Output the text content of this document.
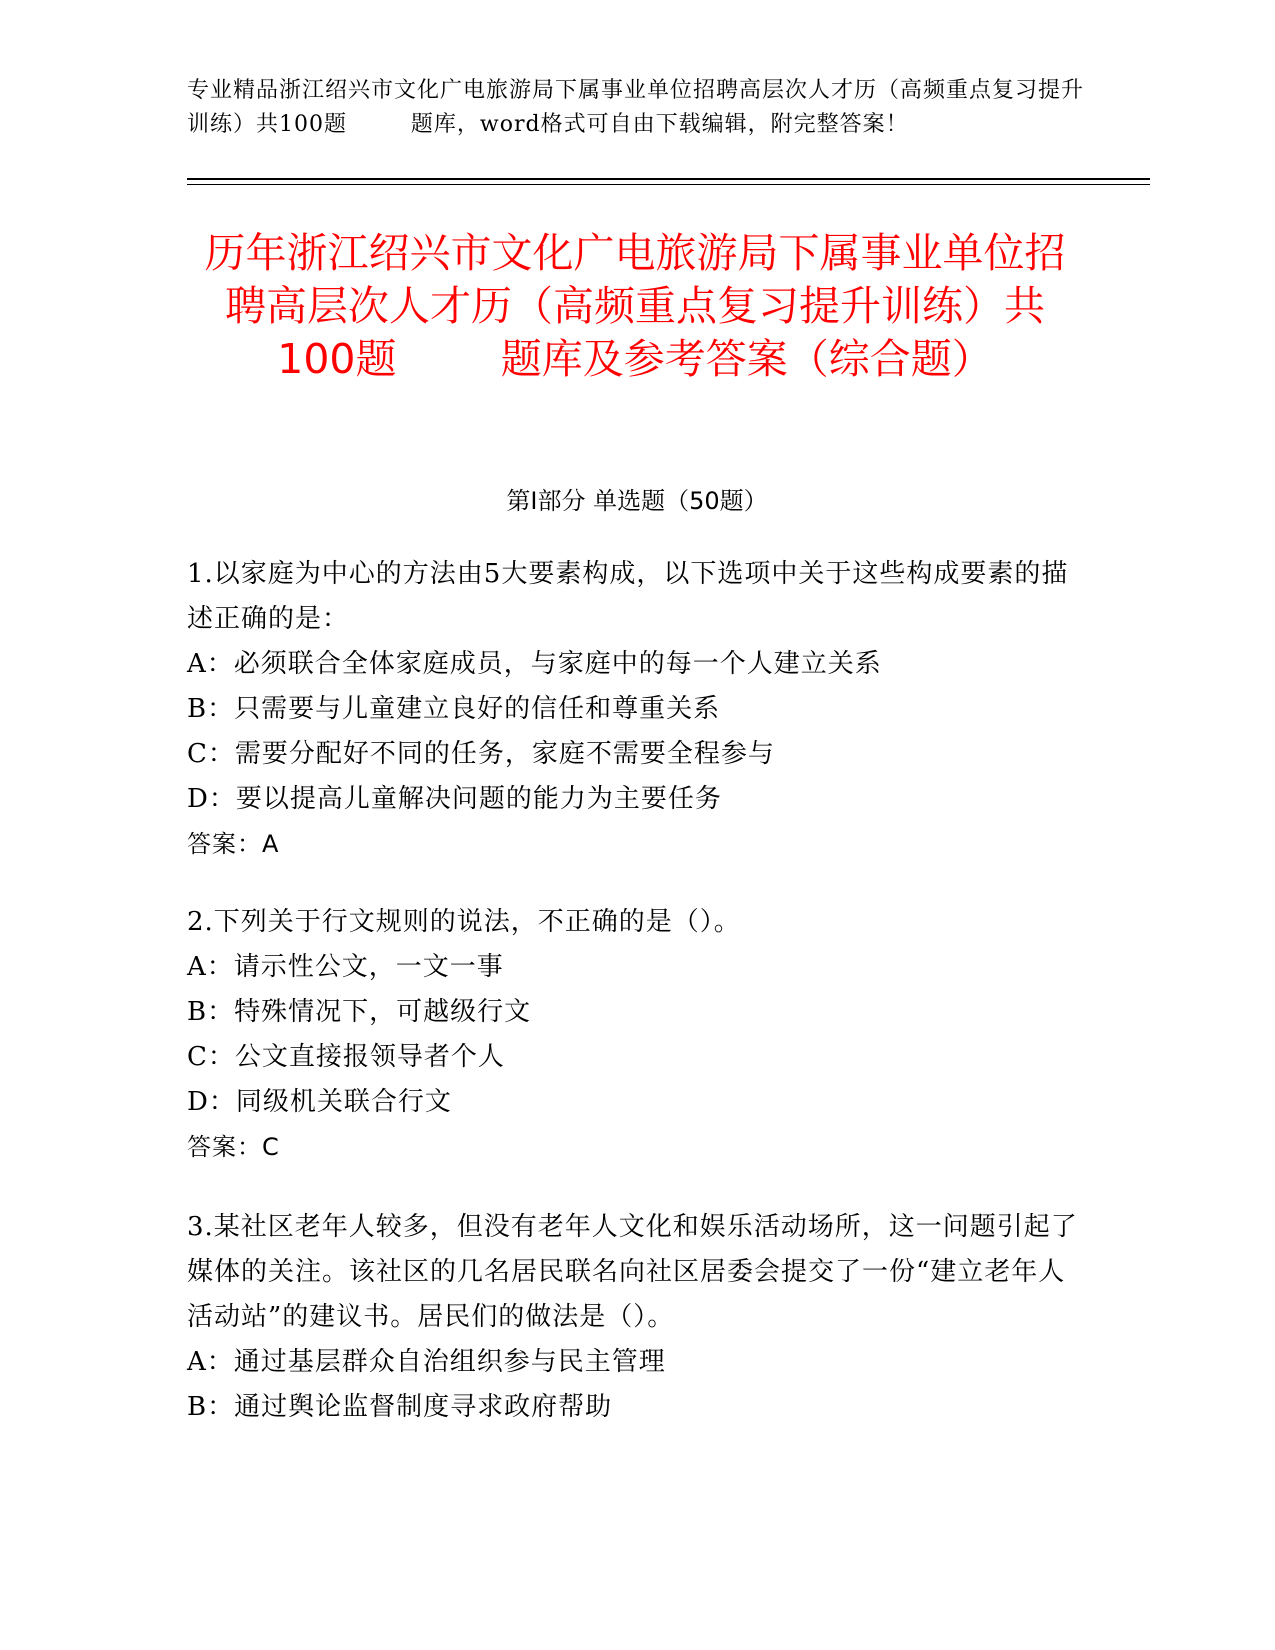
专业精品浙江绍兴市文化广电旅游局下属事业单位招聘高层次人才历（高频重点复习提升训练）共100题        题库，word格式可自由下载编辑，附完整答案！
历年浙江绍兴市文化广电旅游局下属事业单位招聘高层次人才历（高频重点复习提升训练）共100题        题库及参考答案（综合题）
第I部分 单选题（50题）
1.以家庭为中心的方法由5大要素构成，以下选项中关于这些构成要素的描述正确的是：
A：必须联合全体家庭成员，与家庭中的每一个人建立关系
B：只需要与儿童建立良好的信任和尊重关系
C：需要分配好不同的任务，家庭不需要全程参与
D：要以提高儿童解决问题的能力为主要任务
答案：A
2.下列关于行文规则的说法，不正确的是（）。
A：请示性公文，一文一事
B：特殊情况下，可越级行文
C：公文直接报领导者个人
D：同级机关联合行文
答案：C
3.某社区老年人较多，但没有老年人文化和娱乐活动场所，这一问题引起了媒体的关注。该社区的几名居民联名向社区居委会提交了一份“建立老年人活动站”的建议书。居民们的做法是（）。
A：通过基层群众自治组织参与民主管理
B：通过舆论监督制度寻求政府帮助
